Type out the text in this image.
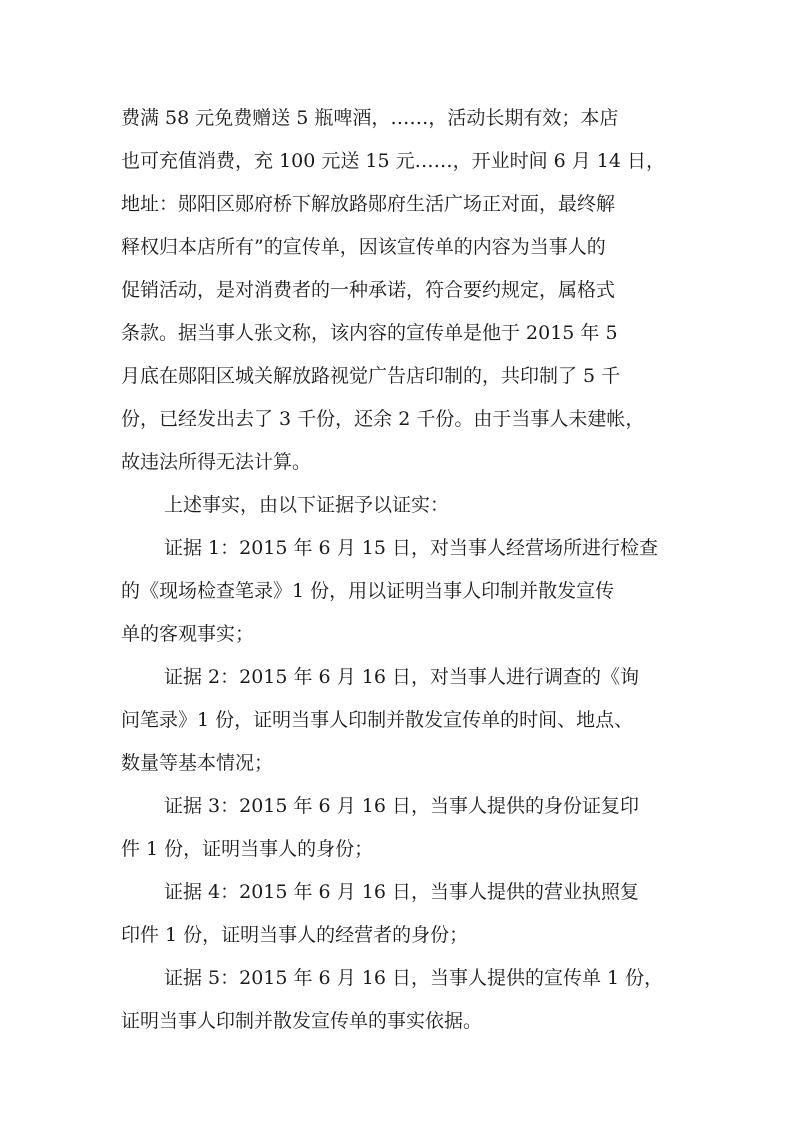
费满 58 元免费赠送 5 瓶啤酒，……，活动长期有效；本店
也可充值消费，充 100 元送 15 元……，开业时间 6 月 14 日，
地址：郧阳区郧府桥下解放路郧府生活广场正对面，最终解
释权归本店所有”的宣传单，因该宣传单的内容为当事人的
促销活动，是对消费者的一种承诺，符合要约规定，属格式
条款。据当事人张文称，该内容的宣传单是他于 2015 年 5
月底在郧阳区城关解放路视觉广告店印制的，共印制了 5 千
份，已经发出去了 3 千份，还余 2 千份。由于当事人未建帐，
故违法所得无法计算。
上述事实，由以下证据予以证实：
证据 1：2015 年 6 月 15 日，对当事人经营场所进行检查
的《现场检查笔录》1 份，用以证明当事人印制并散发宣传
单的客观事实；
证据 2：2015 年 6 月 16 日，对当事人进行调查的《询
问笔录》1 份，证明当事人印制并散发宣传单的时间、地点、
数量等基本情况；
证据 3：2015 年 6 月 16 日，当事人提供的身份证复印
件 1 份，证明当事人的身份；
证据 4：2015 年 6 月 16 日，当事人提供的营业执照复
印件 1 份，证明当事人的经营者的身份；
证据 5：2015 年 6 月 16 日，当事人提供的宣传单 1 份，
证明当事人印制并散发宣传单的事实依据。
